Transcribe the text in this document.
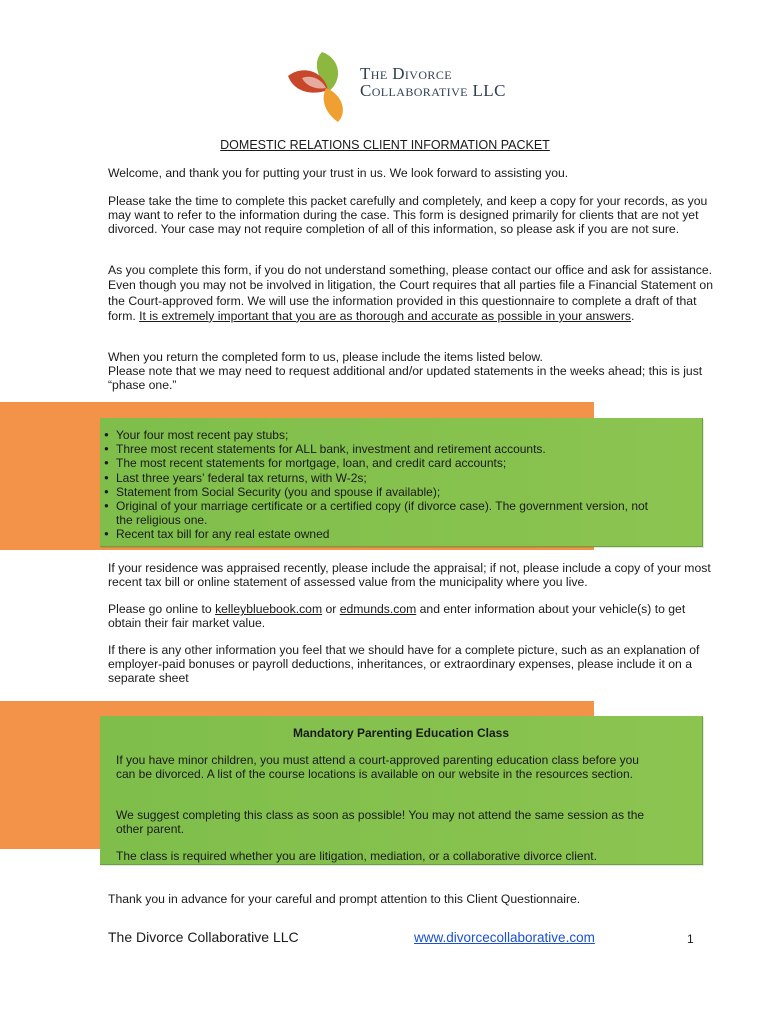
The Divorce
Collaborative LLC
DOMESTIC RELATIONS CLIENT INFORMATION PACKET

Welcome, and thank you for putting your trust in us. We look forward to assisting you.

Please take the time to complete this packet carefully and completely, and keep a copy for your records, as you may want to refer to the information during the case. This form is designed primarily for clients that are not yet divorced. Your case may not require completion of all of this information, so please ask if you are not sure.

As you complete this form, if you do not understand something, please contact our office and ask for assistance. Even though you may not be involved in litigation, the Court requires that all parties file a Financial Statement on the Court-approved form. We will use the information provided in this questionnaire to complete a draft of that form. It is extremely important that you are as thorough and accurate as possible in your answers.

When you return the completed form to us, please include the items listed below.

Please note that we may need to request additional and/or updated statements in the weeks ahead; this is just “phase one.”

● Your four most recent pay stubs;
● Three most recent statements for ALL bank, investment and retirement accounts.
● The most recent statements for mortgage, loan, and credit card accounts;
● Last three years’ federal tax returns, with W-2s;
● Statement from Social Security (you and spouse if available);
● Original of your marriage certificate or a certified copy (if divorce case). The government version, not the religious one.
● Recent tax bill for any real estate owned

If your residence was appraised recently, please include the appraisal; if not, please include a copy of your most recent tax bill or online statement of assessed value from the municipality where you live.

Please go online to kelleybluebook.com or edmunds.com and enter information about your vehicle(s) to get obtain their fair market value.

If there is any other information you feel that we should have for a complete picture, such as an explanation of employer-paid bonuses or payroll deductions, inheritances, or extraordinary expenses, please include it on a separate sheet

Mandatory Parenting Education Class

If you have minor children, you must attend a court-approved parenting education class before you can be divorced. A list of the course locations is available on our website in the resources section.

We suggest completing this class as soon as possible! You may not attend the same session as the other parent.

The class is required whether you are litigation, mediation, or a collaborative divorce client.

Thank you in advance for your careful and prompt attention to this Client Questionnaire.

The Divorce Collaborative LLC	www.divorcecollaborative.com	1
